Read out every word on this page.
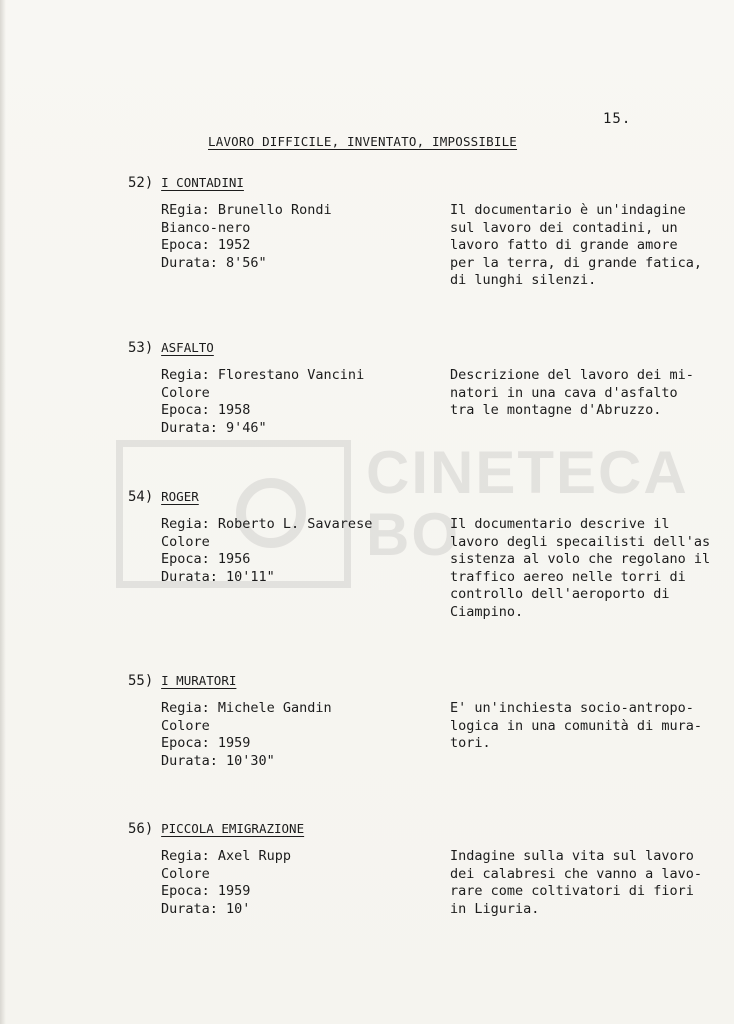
CINETECA
BO
15.
LAVORO DIFFICILE, INVENTATO, IMPOSSIBILE
52) I CONTADINI
REgia: Brunello Rondi
Bianco-nero
Epoca: 1952
Durata: 8'56"
Il documentario è un'indagine
sul lavoro dei contadini, un
lavoro fatto di grande amore
per la terra, di grande fatica,
di lunghi silenzi.
53) ASFALTO
Regia: Florestano Vancini
Colore
Epoca: 1958
Durata: 9'46"
Descrizione del lavoro dei mi-
natori in una cava d'asfalto
tra le montagne d'Abruzzo.
54) ROGER
Regia: Roberto L. Savarese
Colore
Epoca: 1956
Durata: 10'11"
Il documentario descrive il
lavoro degli specailisti dell'as
sistenza al volo che regolano il
traffico aereo nelle torri di
controllo dell'aeroporto di
Ciampino.
55) I MURATORI
Regia: Michele Gandin
Colore
Epoca: 1959
Durata: 10'30"
E' un'inchiesta socio-antropo-
logica in una comunità di mura-
tori.
56) PICCOLA EMIGRAZIONE
Regia: Axel Rupp
Colore
Epoca: 1959
Durata: 10'
Indagine sulla vita sul lavoro
dei calabresi che vanno a lavo-
rare come coltivatori di fiori
in Liguria.
